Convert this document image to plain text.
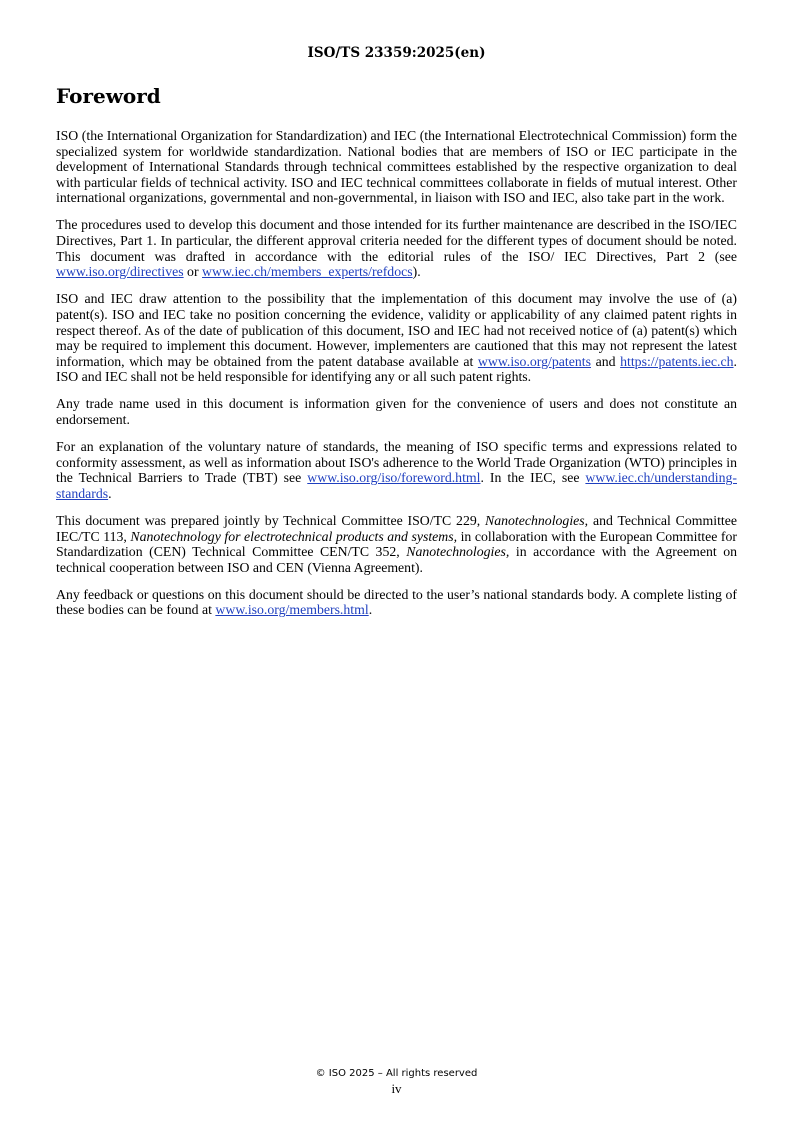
ISO/TS 23359:2025(en)
Foreword

ISO (the International Organization for Standardization) and IEC (the International Electrotechnical Commission) form the specialized system for worldwide standardization. National bodies that are members of ISO or IEC participate in the development of International Standards through technical committees established by the respective organization to deal with particular fields of technical activity. ISO and IEC technical committees collaborate in fields of mutual interest. Other international organizations, governmental and non-governmental, in liaison with ISO and IEC, also take part in the work.

The procedures used to develop this document and those intended for its further maintenance are described in the ISO/IEC Directives, Part 1. In particular, the different approval criteria needed for the different types of document should be noted. This document was drafted in accordance with the editorial rules of the ISO/ IEC Directives, Part 2 (see www.iso.org/directives or www.iec.ch/members_experts/refdocs).

ISO and IEC draw attention to the possibility that the implementation of this document may involve the use of (a) patent(s). ISO and IEC take no position concerning the evidence, validity or applicability of any claimed patent rights in respect thereof. As of the date of publication of this document, ISO and IEC had not received notice of (a) patent(s) which may be required to implement this document. However, implementers are cautioned that this may not represent the latest information, which may be obtained from the patent database available at www.iso.org/patents and https://patents.iec.ch. ISO and IEC shall not be held responsible for identifying any or all such patent rights.

Any trade name used in this document is information given for the convenience of users and does not constitute an endorsement.

For an explanation of the voluntary nature of standards, the meaning of ISO specific terms and expressions related to conformity assessment, as well as information about ISO's adherence to the World Trade Organization (WTO) principles in the Technical Barriers to Trade (TBT) see www.iso.org/iso/foreword.html. In the IEC, see www.iec.ch/understanding-standards.

This document was prepared jointly by Technical Committee ISO/TC 229, Nanotechnologies, and Technical Committee IEC/TC 113, Nanotechnology for electrotechnical products and systems, in collaboration with the European Committee for Standardization (CEN) Technical Committee CEN/TC 352, Nanotechnologies, in accordance with the Agreement on technical cooperation between ISO and CEN (Vienna Agreement).

Any feedback or questions on this document should be directed to the user’s national standards body. A complete listing of these bodies can be found at www.iso.org/members.html.

© ISO 2025 – All rights reserved
iv
